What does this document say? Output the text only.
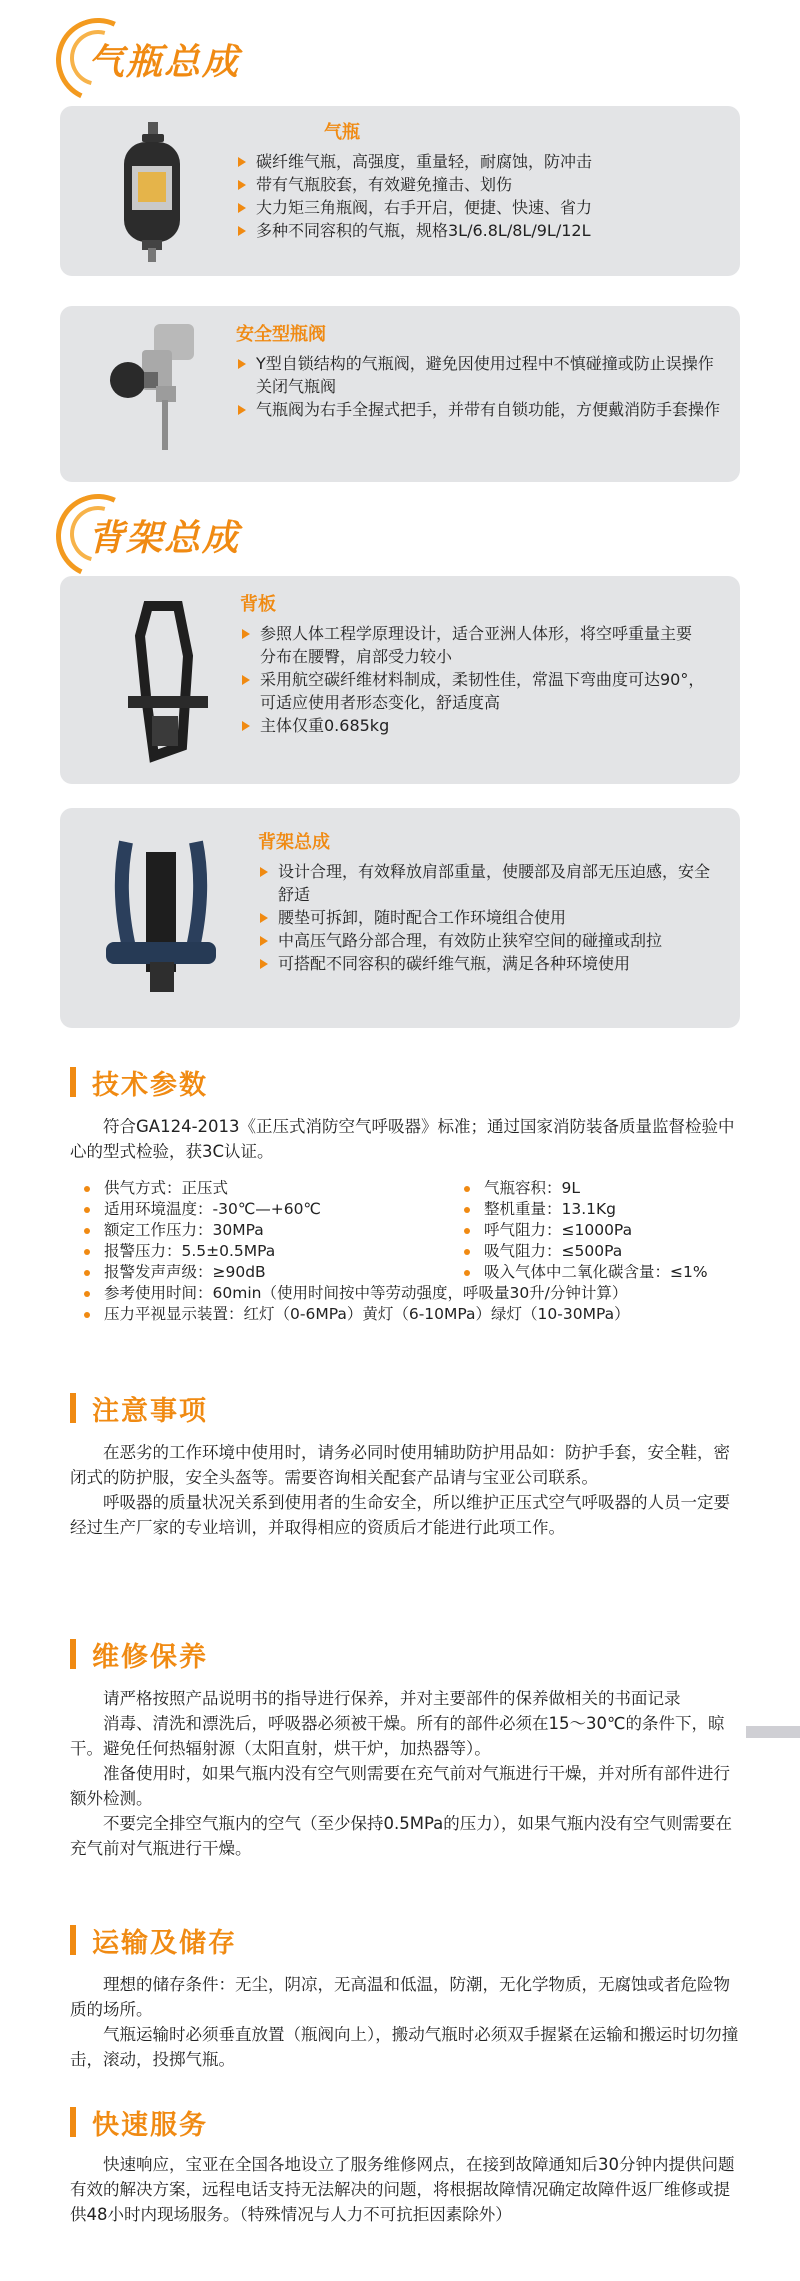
气瓶总成
气瓶
碳纤维气瓶，高强度，重量轻，耐腐蚀，防冲击
带有气瓶胶套，有效避免撞击、划伤
大力矩三角瓶阀，右手开启，便捷、快速、省力
多种不同容积的气瓶，规格3L/6.8L/8L/9L/12L
安全型瓶阀
Y型自锁结构的气瓶阀，避免因使用过程中不慎碰撞或防止误操作关闭气瓶阀
气瓶阀为右手全握式把手，并带有自锁功能，方便戴消防手套操作
背架总成
背板
参照人体工程学原理设计，适合亚洲人体形，将空呼重量主要分布在腰臀，肩部受力较小
采用航空碳纤维材料制成，柔韧性佳，常温下弯曲度可达90°，可适应使用者形态变化，舒适度高
主体仅重0.685kg
背架总成
设计合理，有效释放肩部重量，使腰部及肩部无压迫感，安全舒适
腰垫可拆卸，随时配合工作环境组合使用
中高压气路分部合理，有效防止狭窄空间的碰撞或刮拉
可搭配不同容积的碳纤维气瓶，满足各种环境使用
技术参数

符合GA124-2013《正压式消防空气呼吸器》标准；通过国家消防装备质量监督检验中心的型式检验，获3C认证。

供气方式：正压式	气瓶容积：9L
适用环境温度：-30℃—+60℃	整机重量：13.1Kg
额定工作压力：30MPa	呼气阻力：≤1000Pa
报警压力：5.5±0.5MPa	吸气阻力：≤500Pa
报警发声声级：≥90dB	吸入气体中二氧化碳含量：≤1%
参考使用时间：60min（使用时间按中等劳动强度，呼吸量30升/分钟计算）
压力平视显示装置：红灯（0-6MPa）黄灯（6-10MPa）绿灯（10-30MPa）
注意事项

在恶劣的工作环境中使用时，请务必同时使用辅助防护用品如：防护手套，安全鞋，密闭式的防护服，安全头盔等。需要咨询相关配套产品请与宝亚公司联系。

呼吸器的质量状况关系到使用者的生命安全，所以维护正压式空气呼吸器的人员一定要经过生产厂家的专业培训，并取得相应的资质后才能进行此项工作。

维修保养

请严格按照产品说明书的指导进行保养，并对主要部件的保养做相关的书面记录

消毒、清洗和漂洗后，呼吸器必须被干燥。所有的部件必须在15～30℃的条件下，晾干。避免任何热辐射源（太阳直射，烘干炉，加热器等）。

准备使用时，如果气瓶内没有空气则需要在充气前对气瓶进行干燥，并对所有部件进行额外检测。

不要完全排空气瓶内的空气（至少保持0.5MPa的压力），如果气瓶内没有空气则需要在充气前对气瓶进行干燥。

运输及储存

理想的储存条件：无尘，阴凉，无高温和低温，防潮，无化学物质，无腐蚀或者危险物质的场所。

气瓶运输时必须垂直放置（瓶阀向上），搬动气瓶时必须双手握紧在运输和搬运时切勿撞击，滚动，投掷气瓶。

快速服务

快速响应，宝亚在全国各地设立了服务维修网点，在接到故障通知后30分钟内提供问题有效的解决方案，远程电话支持无法解决的问题，将根据故障情况确定故障件返厂维修或提供48小时内现场服务。（特殊情况与人力不可抗拒因素除外）
